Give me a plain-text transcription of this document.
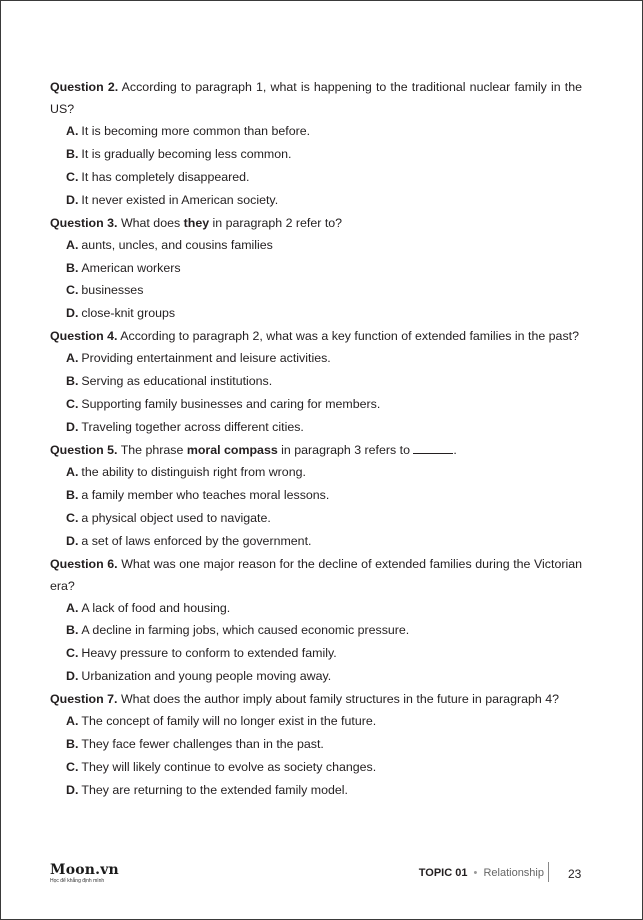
Question 2. According to paragraph 1, what is happening to the traditional nuclear family in the US?

A. It is becoming more common than before.
B. It is gradually becoming less common.
C. It has completely disappeared.
D. It never existed in American society.

Question 3. What does they in paragraph 2 refer to?

A. aunts, uncles, and cousins families
B. American workers
C. businesses
D. close-knit groups

Question 4. According to paragraph 2, what was a key function of extended families in the past?

A. Providing entertainment and leisure activities.
B. Serving as educational institutions.
C. Supporting family businesses and caring for members.
D. Traveling together across different cities.

Question 5. The phrase moral compass in paragraph 3 refers to	.

A. the ability to distinguish right from wrong.
B. a family member who teaches moral lessons.
C. a physical object used to navigate.
D. a set of laws enforced by the government.

Question 6. What was one major reason for the decline of extended families during the Victorian era?

A. A lack of food and housing.
B. A decline in farming jobs, which caused economic pressure.
C. Heavy pressure to conform to extended family.
D. Urbanization and young people moving away.

Question 7. What does the author imply about family structures in the future in paragraph 4?

A. The concept of family will no longer exist in the future.
B. They face fewer challenges than in the past.
C. They will likely continue to evolve as society changes.
D. They are returning to the extended family model.
Moon.vn
Học để khẳng định mình
TOPIC 01 • Relationship 23
